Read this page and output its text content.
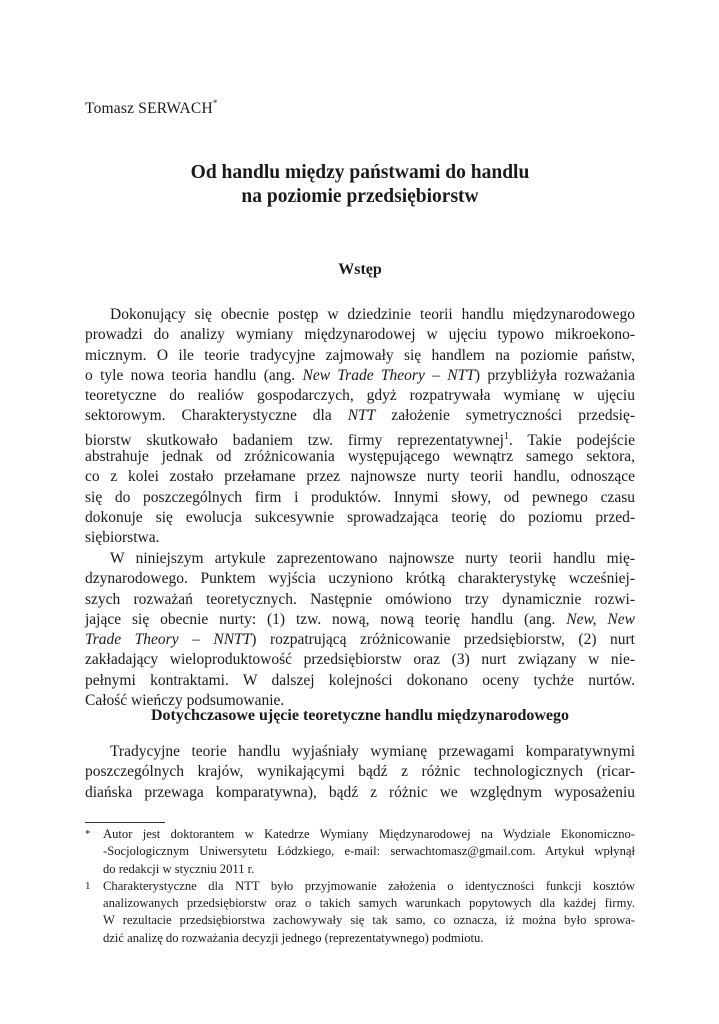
Tomasz SERWACH*
Od handlu między państwami do handlu
na poziomie przedsiębiorstw
Wstęp
Dokonujący się obecnie postęp w dziedzinie teorii handlu międzynarodowego
prowadzi do analizy wymiany międzynarodowej w ujęciu typowo mikroekono-
micznym. O ile teorie tradycyjne zajmowały się handlem na poziomie państw,
o tyle nowa teoria handlu (ang. New Trade Theory – NTT) przybliżyła rozważania
teoretyczne do realiów gospodarczych, gdyż rozpatrywała wymianę w ujęciu
sektorowym. Charakterystyczne dla NTT założenie symetryczności przedsię-
biorstw skutkowało badaniem tzw. firmy reprezentatywnej$^1$. Takie podejście
abstrahuje jednak od zróżnicowania występującego wewnątrz samego sektora,
co z kolei zostało przełamane przez najnowsze nurty teorii handlu, odnoszące
się do poszczególnych firm i produktów. Innymi słowy, od pewnego czasu
dokonuje się ewolucja sukcesywnie sprowadzająca teorię do poziomu przed-
siębiorstwa.
W niniejszym artykule zaprezentowano najnowsze nurty teorii handlu mię-
dzynarodowego. Punktem wyjścia uczyniono krótką charakterystykę wcześniej-
szych rozważań teoretycznych. Następnie omówiono trzy dynamicznie rozwi-
jające się obecnie nurty: (1) tzw. nową, nową teorię handlu (ang. New, New
Trade Theory – NNTT) rozpatrującą zróżnicowanie przedsiębiorstw, (2) nurt
zakładający wieloproduktowość przedsiębiorstw oraz (3) nurt związany w nie-
pełnymi kontraktami. W dalszej kolejności dokonano oceny tychże nurtów.
Całość wieńczy podsumowanie.
Dotychczasowe ujęcie teoretyczne handlu międzynarodowego
Tradycyjne teorie handlu wyjaśniały wymianę przewagami komparatywnymi
poszczególnych krajów, wynikającymi bądź z różnic technologicznych (ricar-
diańska przewaga komparatywna), bądź z różnic we względnym wyposażeniu
* Autor jest doktorantem w Katedrze Wymiany Międzynarodowej na Wydziale Ekonomiczno-
-Socjologicznym Uniwersytetu Łódzkiego, e-mail: serwachtomasz@gmail.com. Artykuł wpłynął
do redakcji w styczniu 2011 r.
1 Charakterystyczne dla NTT było przyjmowanie założenia o identyczności funkcji kosztów
analizowanych przedsiębiorstw oraz o takich samych warunkach popytowych dla każdej firmy.
W rezultacie przedsiębiorstwa zachowywały się tak samo, co oznacza, iż można było sprowa-
dzić analizę do rozważania decyzji jednego (reprezentatywnego) podmiotu.
